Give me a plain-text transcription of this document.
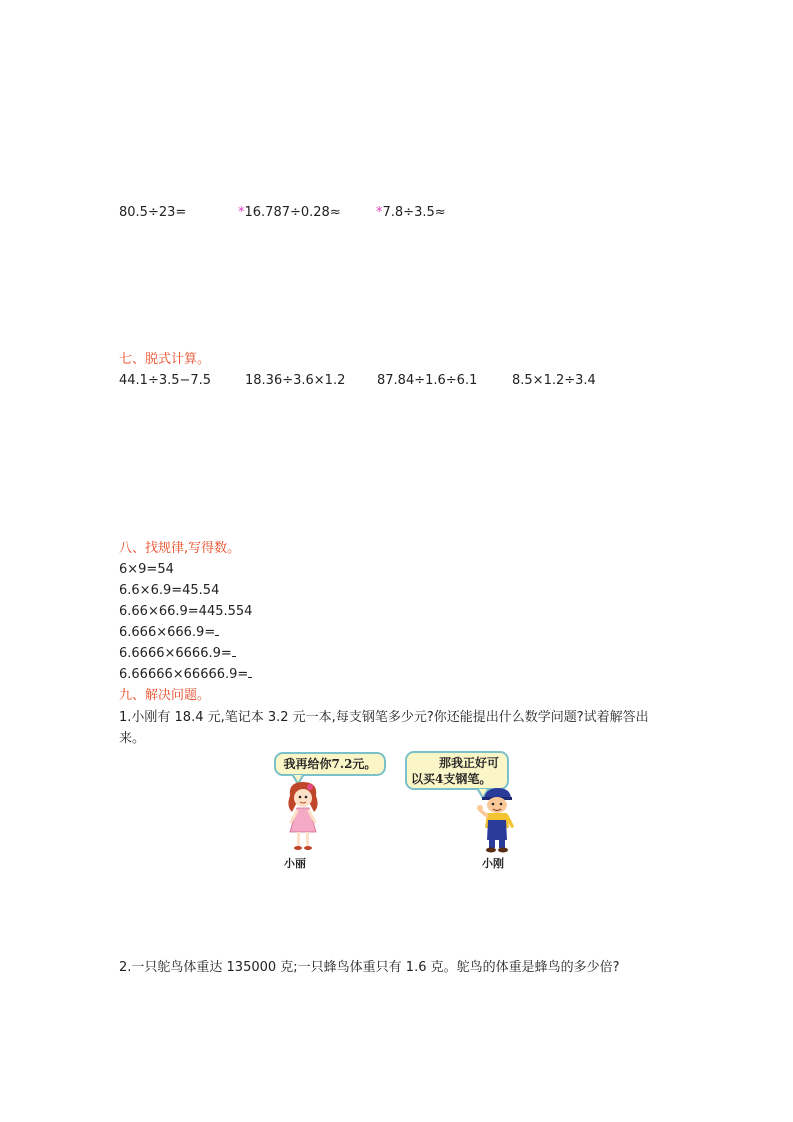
80.5÷23=	*16.787÷0.28≈	*7.8÷3.5≈
七、脱式计算。
44.1÷3.5−7.5	18.36÷3.6×1.2 87.84÷1.6÷6.1	8.5×1.2÷3.4
八、找规律,写得数。
6×9=54
6.6×6.9=45.54
6.66×66.9=445.554
6.666×666.9=
6.6666×6666.9=
6.66666×66666.9=
九、解决问题。
1.小刚有 18.4 元,笔记本 3.2 元一本,每支钢笔多少元?你还能提出什么数学问题?试着解答出
来。
我再给你7.2元。	那我正好可
以买4支钢笔。
小丽	小刚
2.一只鸵鸟体重达 135000 克;一只蜂鸟体重只有 1.6 克。鸵鸟的体重是蜂鸟的多少倍?
